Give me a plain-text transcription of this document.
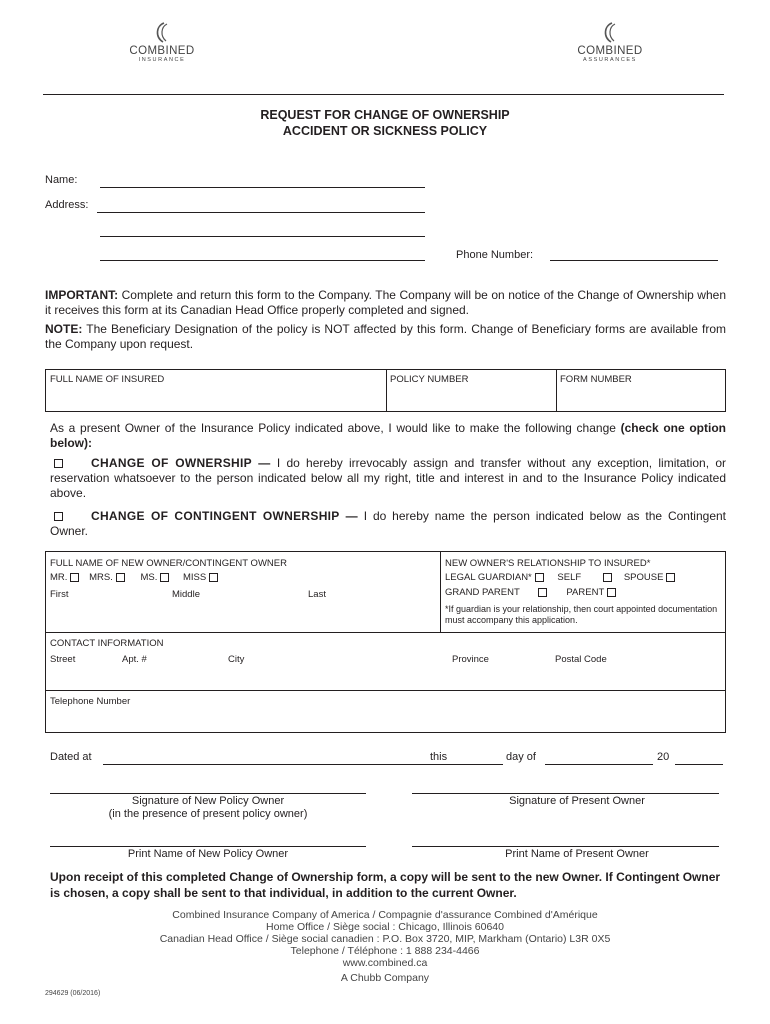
COMBINED
INSURANCE
COMBINED
ASSURANCES
REQUEST FOR CHANGE OF OWNERSHIP
ACCIDENT OR SICKNESS POLICY
Name:
Address:
Phone Number:
IMPORTANT: Complete and return this form to the Company. The Company will be on notice of the Change of Ownership when it receives this form at its Canadian Head Office properly completed and signed.
NOTE: The Beneficiary Designation of the policy is NOT affected by this form. Change of Beneficiary forms are available from the Company upon request.
FULL NAME OF INSURED	POLICY NUMBER	FORM NUMBER
As a present Owner of the Insurance Policy indicated above, I would like to make the following change (check one option below):
CHANGE OF OWNERSHIP — I do hereby irrevocably assign and transfer without any exception, limitation, or reservation whatsoever to the person indicated below all my right, title and interest in and to the Insurance Policy indicated above.
CHANGE OF CONTINGENT OWNERSHIP — I do hereby name the person indicated below as the Contingent Owner.
FULL NAME OF NEW OWNER/CONTINGENT OWNER
MR. MRS.	MS.	MISS
First	Middle	Last
NEW OWNER'S RELATIONSHIP TO INSURED*
LEGAL GUARDIAN*	SELF	SPOUSE
GRAND PARENT	PARENT
*If guardian is your relationship, then court appointed documentation must accompany this application.
CONTACT INFORMATION
Street	Apt. #	City	Province	Postal Code
Telephone Number
Dated at	this	day of	20
Signature of New Policy Owner
(in the presence of present policy owner)
Signature of Present Owner
Print Name of New Policy Owner	Print Name of Present Owner
Upon receipt of this completed Change of Ownership form, a copy will be sent to the new Owner. If Contingent Owner is chosen, a copy shall be sent to that individual, in addition to the current Owner.
Combined Insurance Company of America / Compagnie d'assurance Combined d'Amérique
Home Office / Siège social : Chicago, Illinois 60640
Canadian Head Office / Siège social canadien : P.O. Box 3720, MIP, Markham (Ontario) L3R 0X5
Telephone / Téléphone : 1 888 234-4466
www.combined.ca
A Chubb Company
294629 (06/2016)
